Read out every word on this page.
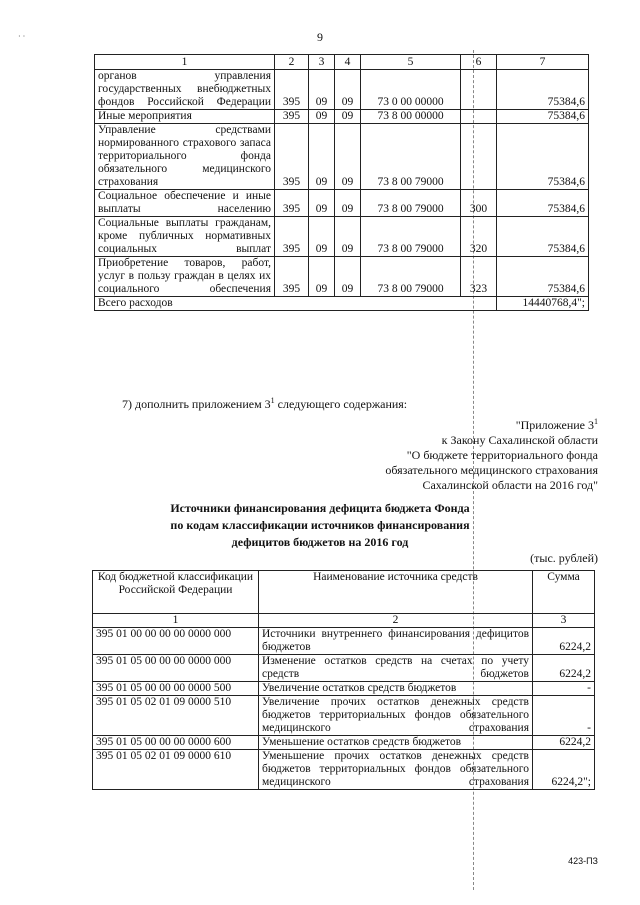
· ·	9
1	2	3	4	5	6	7
органов управления государственных внебюджетных фондов Российской Федерации	395	09	09	73 0 00 00000		75384,6
Иные мероприятия	395	09	09	73 8 00 00000		75384,6
Управление средствами нормированного страхового запаса территориального фонда обязательного медицинского страхования	395	09	09	73 8 00 79000		75384,6
Социальное обеспечение и иные выплаты населению	395	09	09	73 8 00 79000	300	75384,6
Социальные выплаты гражданам, кроме публичных нормативных социальных выплат	395	09	09	73 8 00 79000	320	75384,6
Приобретение товаров, работ, услуг в пользу граждан в целях их социального обеспечения	395	09	09	73 8 00 79000	323	75384,6
Всего расходов						14440768,4";
7) дополнить приложением $3^1$ следующего содержания:
"Приложение $3^1$
к Закону Сахалинской области
"О бюджете территориального фонда
обязательного медицинского страхования
Сахалинской области на 2016 год"
Источники финансирования дефицита бюджета Фонда
по кодам классификации источников финансирования
дефицитов бюджетов на 2016 год
(тыс. рублей)
Код бюджетной классификации Российской Федерации	Наименование источника средств	Сумма
1	2	3
395 01 00 00 00 00 0000 000	Источники внутреннего финансирования дефицитов бюджетов	6224,2
395 01 05 00 00 00 0000 000	Изменение остатков средств на счетах по учету средств бюджетов	6224,2
395 01 05 00 00 00 0000 500	Увеличение остатков средств бюджетов	-
395 01 05 02 01 09 0000 510	Увеличение прочих остатков денежных средств бюджетов территориальных фондов обязательного медицинского страхования	-
395 01 05 00 00 00 0000 600	Уменьшение остатков средств бюджетов	6224,2
395 01 05 02 01 09 0000 610	Уменьшение прочих остатков денежных средств бюджетов территориальных фондов обязательного медицинского страхования	6224,2";
423-ПЗ
